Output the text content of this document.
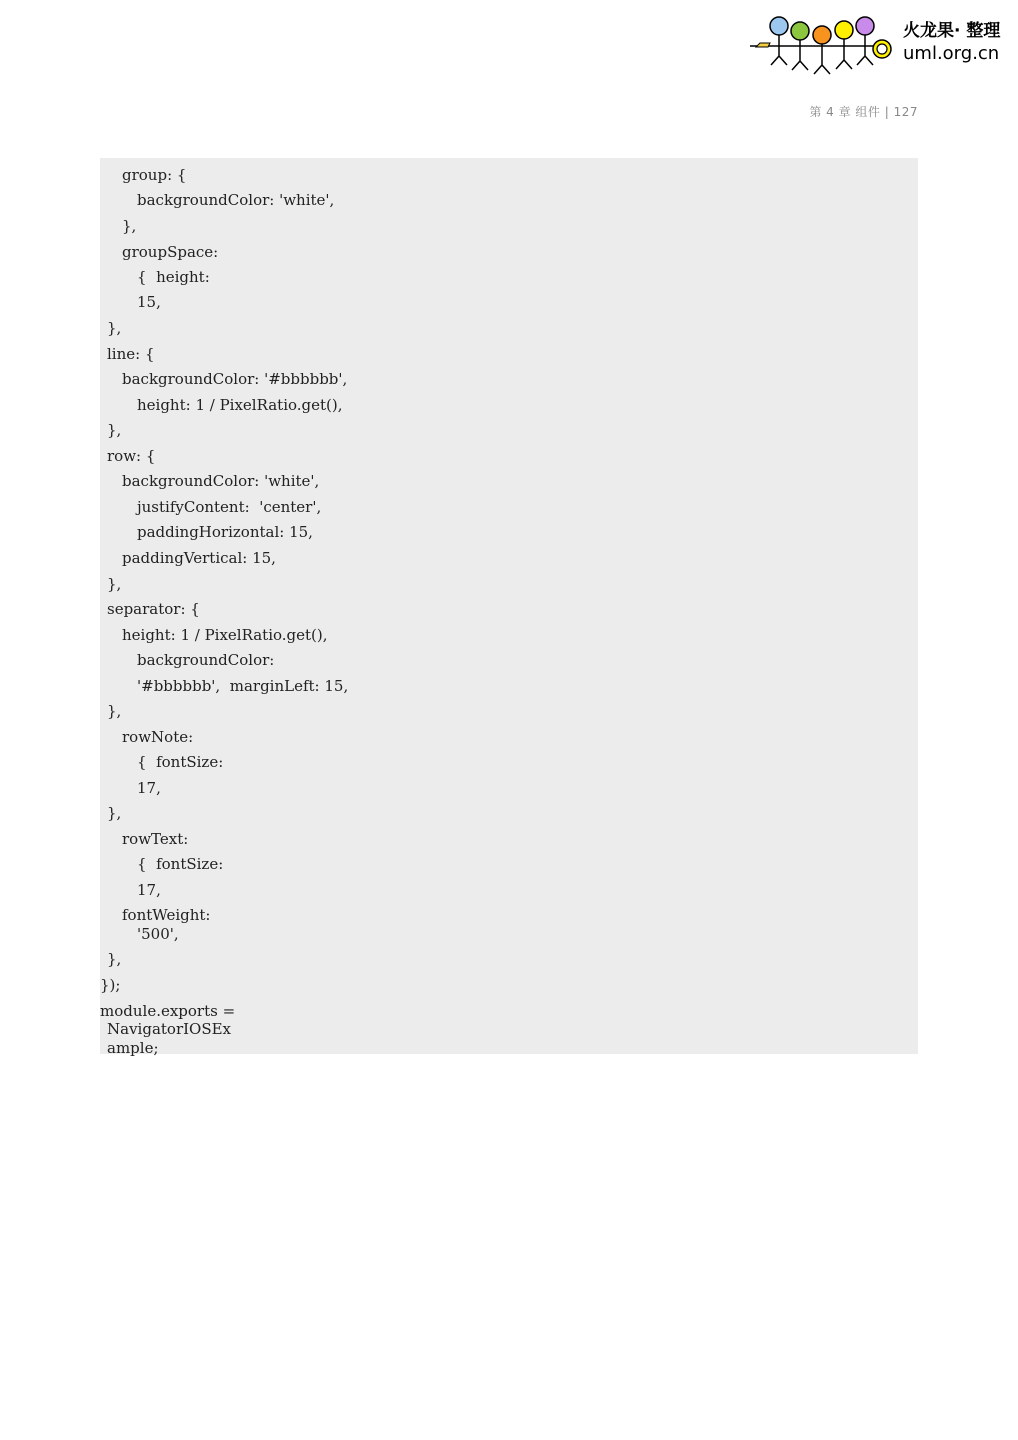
火龙果· 整理
uml.org.cn
第 4 章 组件 | 127
group: {
backgroundColor: 'white',
},
groupSpace:
{  height:
15,
},
line: {
backgroundColor: '#bbbbbb',
height: 1 / PixelRatio.get(),
},
row: {
backgroundColor: 'white',
justifyContent:  'center',
paddingHorizontal: 15,
paddingVertical: 15,
},
separator: {
height: 1 / PixelRatio.get(),
backgroundColor:
'#bbbbbb',  marginLeft: 15,
},
rowNote:
{  fontSize:
17,
},
rowText:
{  fontSize:
17,
fontWeight:
'500',
},
});
module.exports =
NavigatorIOSEx
ample;
